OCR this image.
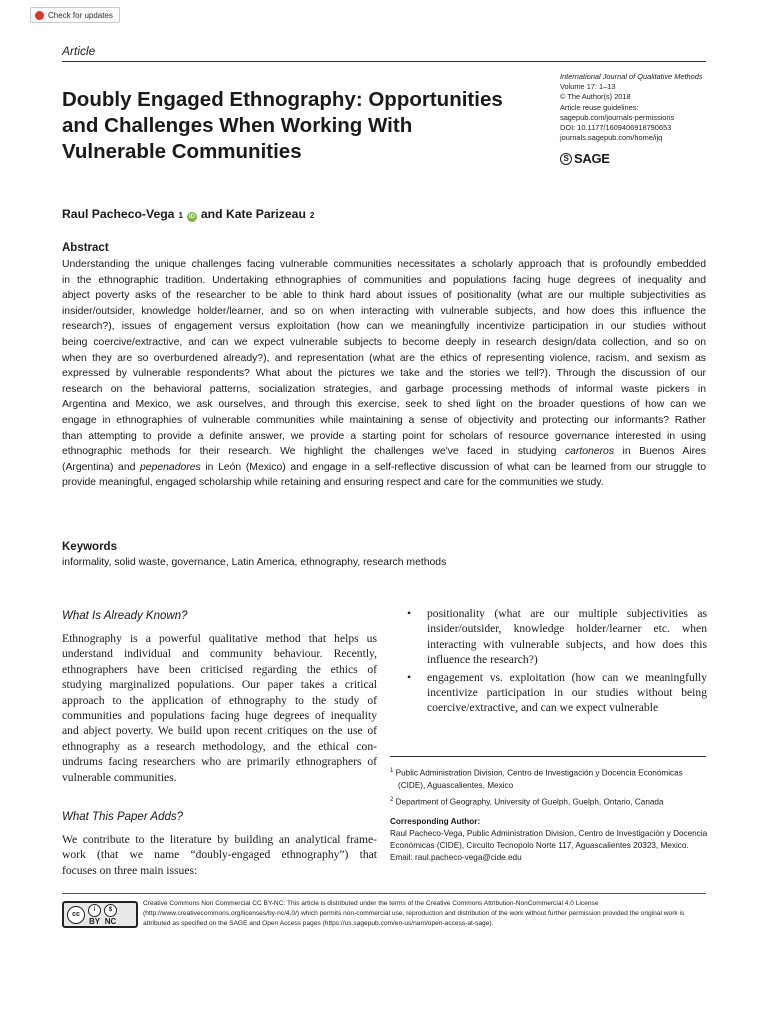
Check for updates
Article
Doubly Engaged Ethnography: Opportunities
and Challenges When Working With
Vulnerable Communities
International Journal of Qualitative Methods
Volume 17: 1–13
© The Author(s) 2018
Article reuse guidelines:
sagepub.com/journals-permissions
DOI: 10.1177/1609406918790653
journals.sagepub.com/home/ijq
S SAGE
Raul Pacheco-Vega 1	iD and Kate Parizeau 2
Abstract
Understanding the unique challenges facing vulnerable communities necessitates a scholarly approach that is profoundly embedded
in the ethnographic tradition. Undertaking ethnographies of communities and populations facing huge degrees of inequality and
abject poverty asks of the researcher to be able to think hard about issues of positionality (what are our multiple subjectivities as
insider/outsider, knowledge holder/learner, and so on when interacting with vulnerable subjects, and how does this influence the
research?), issues of engagement versus exploitation (how can we meaningfully incentivize participation in our studies without
being coercive/extractive, and can we expect vulnerable subjects to become deeply in research design/data collection, and so on
when they are so overburdened already?), and representation (what are the ethics of representing violence, racism, and sexism as
expressed by vulnerable respondents? What about the pictures we take and the stories we tell?). Through the discussion of our
research on the behavioral patterns, socialization strategies, and garbage processing methods of informal waste pickers in
Argentina and Mexico, we ask ourselves, and through this exercise, seek to shed light on the broader questions of how can we
engage in ethnographies of vulnerable communities while maintaining a sense of objectivity and protecting our informants? Rather
than attempting to provide a definite answer, we provide a starting point for scholars of resource governance interested in using
ethnographic methods for their research. We highlight the challenges we've faced in studying cartoneros in Buenos Aires
(Argentina) and pepenadores in León (Mexico) and engage in a self-reflective discussion of what can be learned from our struggle to
provide meaningful, engaged scholarship while retaining and ensuring respect and care for the communities we study.
Keywords
informality, solid waste, governance, Latin America, ethnography, research methods
What Is Already Known?
Ethnography is a powerful qualitative method that helps us
understand individual and community behaviour. Recently,
ethnographers have been criticised regarding the ethics of
studying marginalized populations. Our paper takes a critical
approach to the application of ethnography to the study of
communities and populations facing huge degrees of inequality
and abject poverty. We build upon recent critiques on the use of
ethnography as a research methodology, and the ethical con-
undrums facing researchers who are primarily ethnographers of
vulnerable communities.
What This Paper Adds?
We contribute to the literature by building an analytical frame-
work (that we name “doubly-engaged ethnography”) that
focuses on three main issues:
• positionality (what are our multiple subjectivities as
insider/outsider, knowledge holder/learner etc. when
interacting with vulnerable subjects, and how does this
influence the research?)
• engagement vs. exploitation (how can we meaningfully
incentivize participation in our studies without being
coercive/extractive, and can we expect vulnerable
$^1$ Public Administration Division, Centro de Investigación y Docencia Económicas (CIDE), Aguascalientes, Mexico
$^2$ Department of Geography, University of Guelph, Guelph, Ontario, Canada
Corresponding Author:
Raul Pacheco-Vega, Public Administration Division, Centro de Investigación y Docencia Económicas (CIDE), Circuito Tecnopolo Norte 117, Aguascalientes 20323, Mexico.
Email: raul.pacheco-vega@cide.edu
cc
i
BY
$
NC
Creative Commons Non Commercial CC BY-NC: This article is distributed under the terms of the Creative Commons Attribution-NonCommercial 4.0 License (http://www.creativecommons.org/licenses/by-nc/4.0/) which permits non-commercial use, reproduction and distribution of the work without further permission provided the original work is attributed as specified on the SAGE and Open Access pages (https://us.sagepub.com/en-us/nam/open-access-at-sage).
